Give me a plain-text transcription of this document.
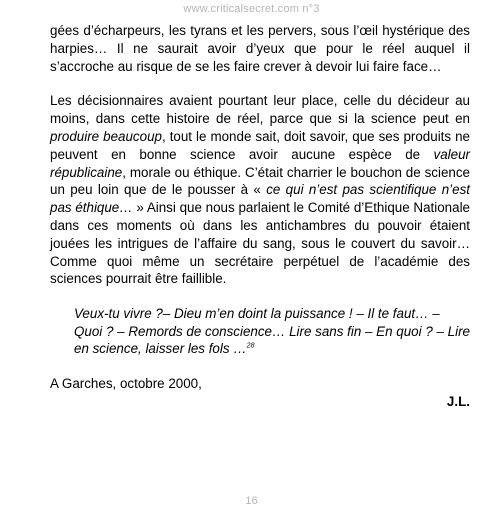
www.criticalsecret.com n°3

gées d’écharpeurs, les tyrans et les pervers, sous l’œil hystérique des harpies… Il ne saurait avoir d’yeux que pour le réel auquel il s’accroche au risque de se les faire crever à devoir lui faire face…

Les décisionnaires avaient pourtant leur place, celle du décideur au moins, dans cette histoire de réel, parce que si la science peut en produire beaucoup, tout le monde sait, doit savoir, que ses produits ne peuvent en bonne science avoir aucune espèce de valeur républicaine, morale ou éthique. C’était charrier le bouchon de science un peu loin que de le pousser à « ce qui n’est pas scientifique n’est pas éthique… » Ainsi que nous parlaient le Comité d’Ethique Nationale dans ces moments où dans les antichambres du pouvoir étaient jouées les intrigues de l’affaire du sang, sous le couvert du savoir… Comme quoi même un secrétaire perpétuel de l’académie des sciences pourrait être faillible.

Veux-tu vivre ?– Dieu m’en doint la puissance ! – Il te faut… – Quoi ? – Remords de conscience… Lire sans fin – En quoi ? – Lire en science, laisser les fols …$^{28}$

A Garches, octobre 2000,

J.L.

16
